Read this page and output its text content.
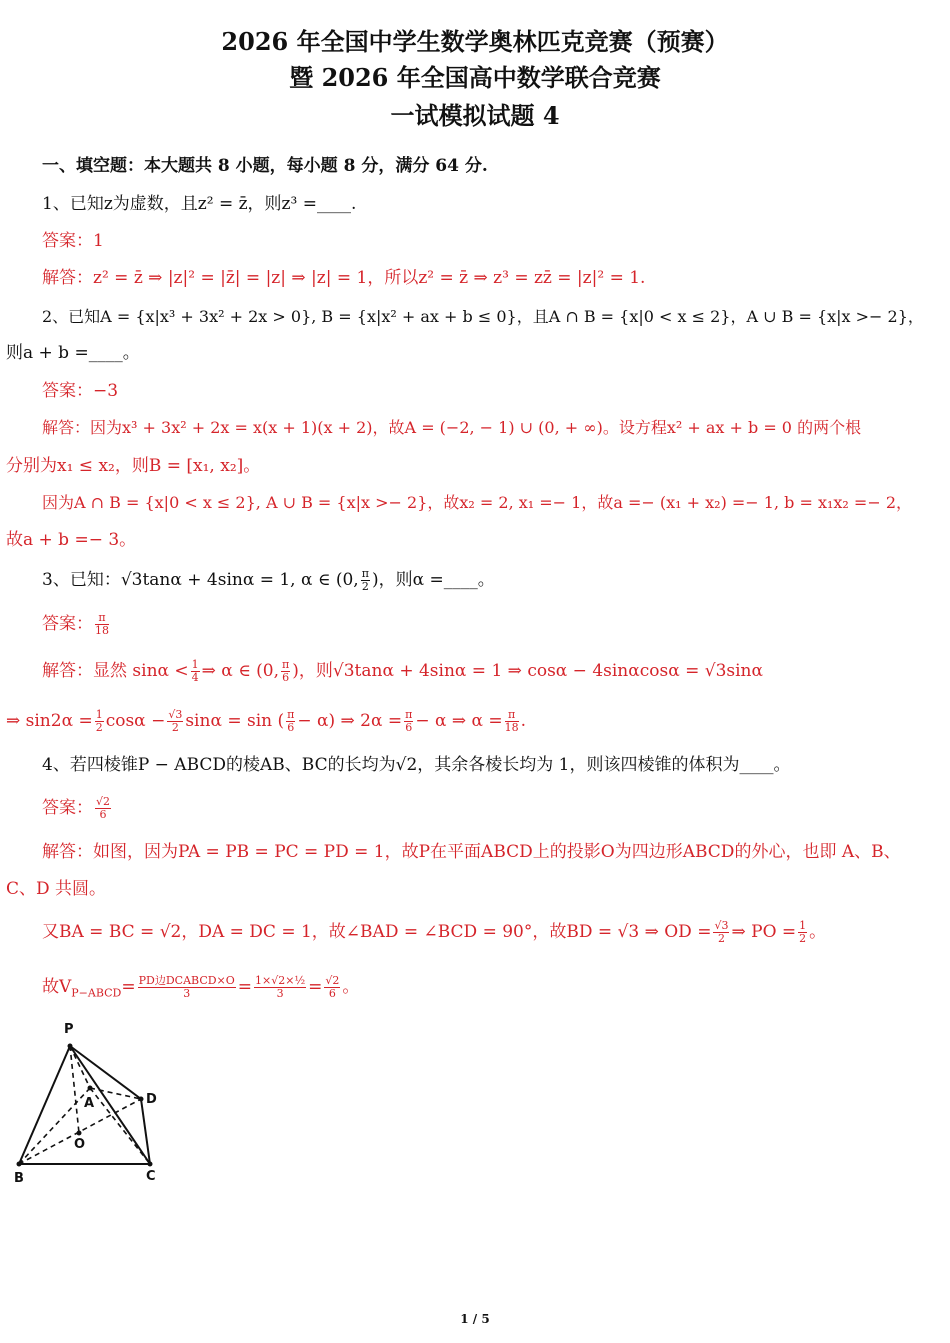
2026 年全国中学生数学奥林匹克竞赛（预赛）
暨 2026 年全国高中数学联合竞赛
一试模拟试题 4
一、填空题：本大题共 8 小题，每小题 8 分，满分 64 分.
1、已知z为虚数，且z² = z̄，则z³ =____.
答案：1
解答：z² = z̄ ⇒ |z|² = |z̄| = |z| ⇒ |z| = 1，所以z² = z̄ ⇒ z³ = zz̄ = |z|² = 1.
2、已知A = {x|x³ + 3x² + 2x > 0}, B = {x|x² + ax + b ≤ 0}，且A ∩ B = {x|0 < x ≤ 2}，A ∪ B = {x|x >− 2}，
则a + b =____。
答案：−3
解答：因为x³ + 3x² + 2x = x(x + 1)(x + 2)，故A = (−2, − 1) ∪ (0, + ∞)。设方程x² + ax + b = 0 的两个根
分别为x₁ ≤ x₂，则B = [x₁, x₂]。
因为A ∩ B = {x|0 < x ≤ 2}, A ∪ B = {x|x >− 2}，故x₂ = 2, x₁ =− 1，故a =− (x₁ + x₂) =− 1, b = x₁x₂ =− 2，
故a + b =− 3。
3、已知：√3tanα + 4sinα = 1, α ∈ (0, $\frac{\pi}{2}$ )，则α =____。
答案： $\frac{\pi}{18}$
解答：显然 $\sin\alpha < \frac{1}{4}$ ⇒ α ∈ (0, $\frac{\pi}{6}$ )，则√3tanα + 4sinα = 1 ⇒ cosα − 4sinαcosα = √3sinα
⇒ $\sin 2\alpha = \frac{1}{2}$ $\cos\alpha - \frac{√3}{2}$ sinα = sin ( $\frac{\pi}{6} - \alpha$) ⇒ $2\alpha = \frac{\pi}{6} - \alpha$ ⇒ $\alpha = \frac{\pi}{18}$ .
4、若四棱锥P − ABCD的棱AB、BC的长均为√2，其余各棱长均为 1，则该四棱锥的体积为____。
答案： $\frac{√2}{6}$
解答：如图，因为PA = PB = PC = PD = 1，故P在平面ABCD上的投影O为四边形ABCD的外心，也即 A、B、
C、D 共圆。
又BA = BC = √2，DA = DC = 1，故∠BAD = ∠BCD = 90°，故BD = √3 ⇒ OD = $\frac{√3}{2}$ ⇒ PO = $\frac{1}{2}$ 。
故$V_{P-ABCD}= \frac{\text{PD边DCABCD×O}}{3} = \frac{\text{1×√2×½}}{3} = \frac{√2}{6}$ 。
P
A	D
O
B	C
1 / 5
